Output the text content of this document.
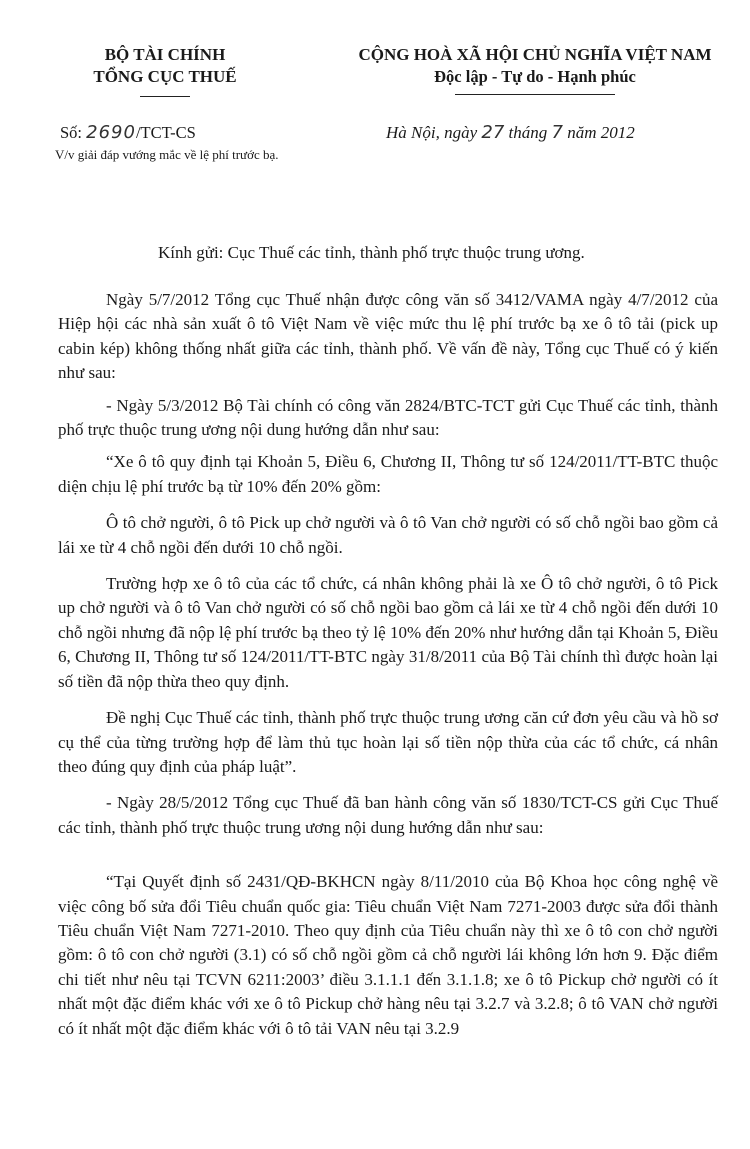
BỘ TÀI CHÍNH
TỔNG CỤC THUẾ
CỘNG HOÀ XÃ HỘI CHỦ NGHĨA VIỆT NAM
Độc lập - Tự do - Hạnh phúc
Số: 2690/TCT-CS
V/v giải đáp vướng mắc về lệ phí trước bạ.
Hà Nội, ngày 27 tháng 7 năm 2012
Kính gửi: Cục Thuế các tỉnh, thành phố trực thuộc trung ương.

Ngày 5/7/2012 Tổng cục Thuế nhận được công văn số 3412/VAMA ngày 4/7/2012 của Hiệp hội các nhà sản xuất ô tô Việt Nam về việc mức thu lệ phí trước bạ xe ô tô tải (pick up cabin kép) không thống nhất giữa các tỉnh, thành phố. Về vấn đề này, Tổng cục Thuế có ý kiến như sau:

- Ngày 5/3/2012 Bộ Tài chính có công văn 2824/BTC-TCT gửi Cục Thuế các tỉnh, thành phố trực thuộc trung ương nội dung hướng dẫn như sau:

“Xe ô tô quy định tại Khoản 5, Điều 6, Chương II, Thông tư số 124/2011/TT-BTC thuộc diện chịu lệ phí trước bạ từ 10% đến 20% gồm:

Ô tô chở người, ô tô Pick up chở người và ô tô Van chở người có số chỗ ngồi bao gồm cả lái xe từ 4 chỗ ngồi đến dưới 10 chỗ ngồi.

Trường hợp xe ô tô của các tổ chức, cá nhân không phải là xe Ô tô chở người, ô tô Pick up chở người và ô tô Van chở người có số chỗ ngồi bao gồm cả lái xe từ 4 chỗ ngồi đến dưới 10 chỗ ngồi nhưng đã nộp lệ phí trước bạ theo tỷ lệ 10% đến 20% như hướng dẫn tại Khoản 5, Điều 6, Chương II, Thông tư số 124/2011/TT-BTC ngày 31/8/2011 của Bộ Tài chính thì được hoàn lại số tiền đã nộp thừa theo quy định.

Đề nghị Cục Thuế các tỉnh, thành phố trực thuộc trung ương căn cứ đơn yêu cầu và hồ sơ cụ thể của từng trường hợp để làm thủ tục hoàn lại số tiền nộp thừa của các tổ chức, cá nhân theo đúng quy định của pháp luật”.

- Ngày 28/5/2012 Tổng cục Thuế đã ban hành công văn số 1830/TCT-CS gửi Cục Thuế các tỉnh, thành phố trực thuộc trung ương nội dung hướng dẫn như sau:

“Tại Quyết định số 2431/QĐ-BKHCN ngày 8/11/2010 của Bộ Khoa học công nghệ về việc công bố sửa đổi Tiêu chuẩn quốc gia: Tiêu chuẩn Việt Nam 7271-2003 được sửa đổi thành Tiêu chuẩn Việt Nam 7271-2010. Theo quy định của Tiêu chuẩn này thì xe ô tô con chở người gồm: ô tô con chở người (3.1) có số chỗ ngồi gồm cả chỗ người lái không lớn hơn 9. Đặc điểm chi tiết như nêu tại TCVN 6211:2003’ điều 3.1.1.1 đến 3.1.1.8; xe ô tô Pickup chở người có ít nhất một đặc điểm khác với xe ô tô Pickup chở hàng nêu tại 3.2.7 và 3.2.8; ô tô VAN chở người có ít nhất một đặc điểm khác với ô tô tải VAN nêu tại 3.2.9
